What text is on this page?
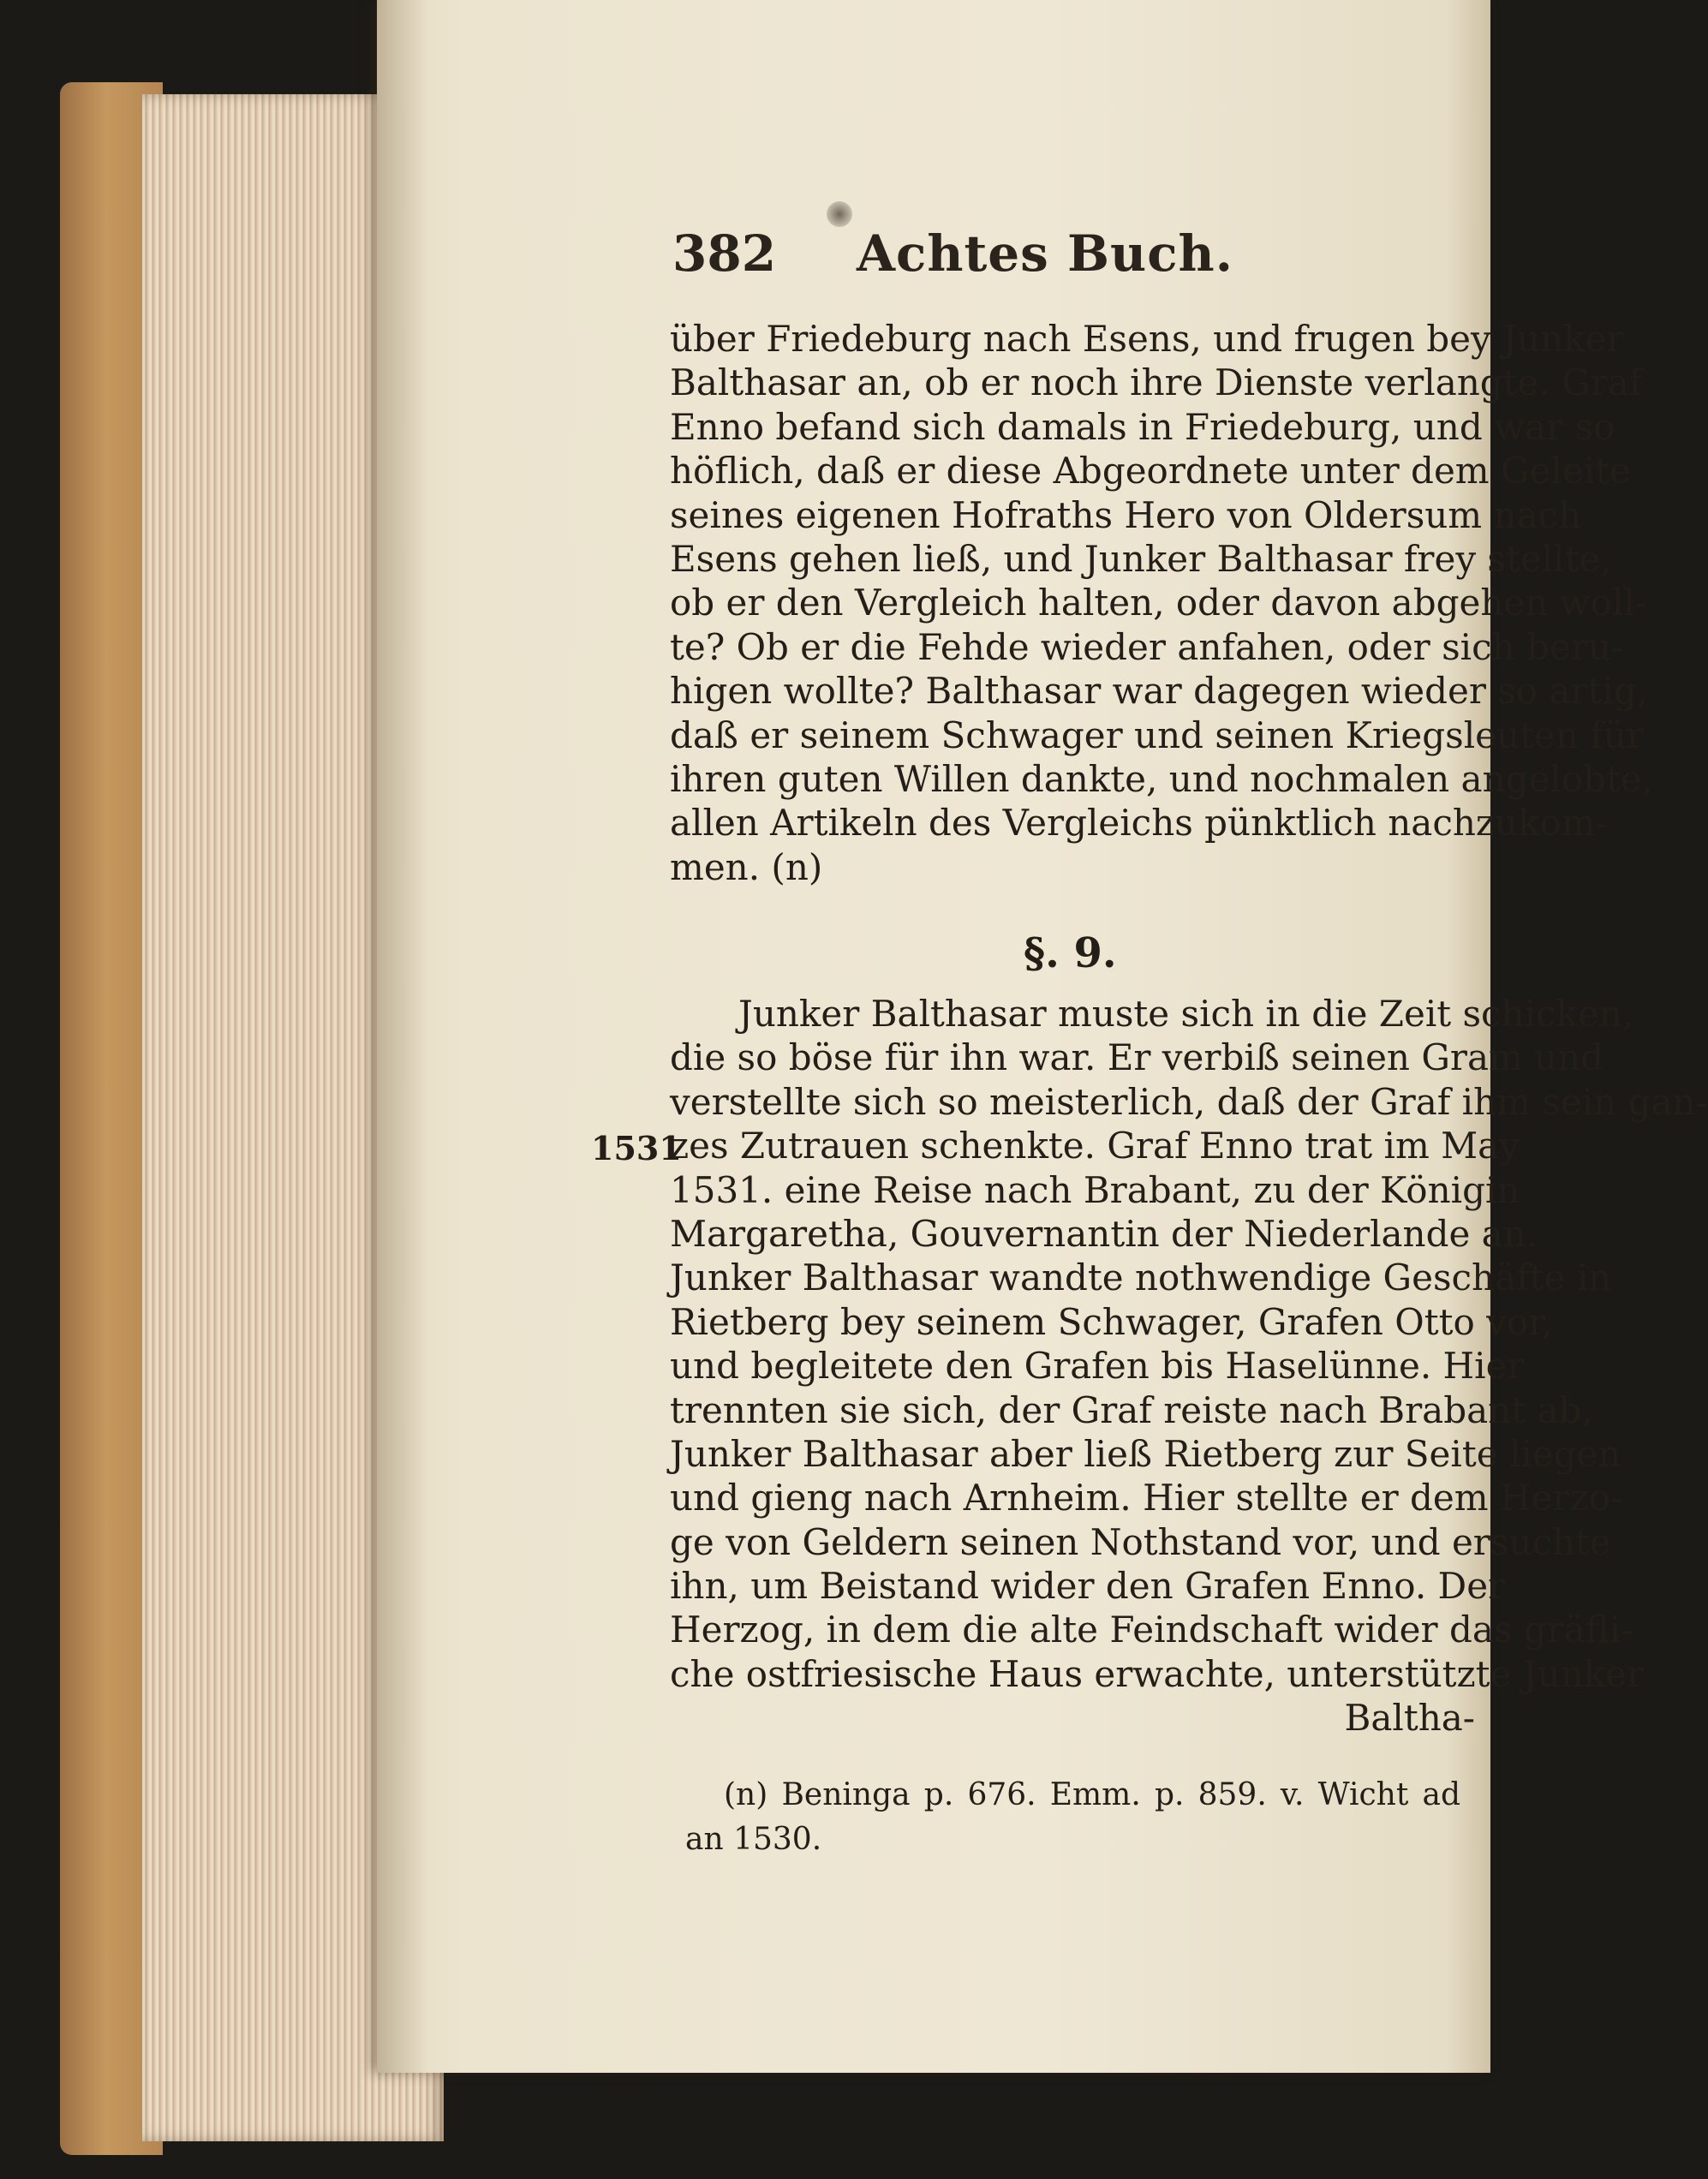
382 Achtes Buch.
über Friedeburg nach Esens, und frugen bey Junker
Balthasar an, ob er noch ihre Dienste verlangte. Graf
Enno befand sich damals in Friedeburg, und war so
höflich, daß er diese Abgeordnete unter dem Geleite
seines eigenen Hofraths Hero von Oldersum nach
Esens gehen ließ, und Junker Balthasar frey stellte,
ob er den Vergleich halten, oder davon abgehen woll-
te? Ob er die Fehde wieder anfahen, oder sich beru-
higen wollte? Balthasar war dagegen wieder so artig,
daß er seinem Schwager und seinen Kriegsleuten für
ihren guten Willen dankte, und nochmalen angelobte,
allen Artikeln des Vergleichs pünktlich nachzukom-
men. (n)
§. 9.
1531
Junker Balthasar muste sich in die Zeit schicken,
die so böse für ihn war. Er verbiß seinen Gram und
verstellte sich so meisterlich, daß der Graf ihm sein gan-
zes Zutrauen schenkte. Graf Enno trat im May
1531. eine Reise nach Brabant, zu der Königin
Margaretha, Gouvernantin der Niederlande an.
Junker Balthasar wandte nothwendige Geschäfte in
Rietberg bey seinem Schwager, Grafen Otto vor,
und begleitete den Grafen bis Haselünne. Hier
trennten sie sich, der Graf reiste nach Brabant ab,
Junker Balthasar aber ließ Rietberg zur Seite liegen
und gieng nach Arnheim. Hier stellte er dem Herzo-
ge von Geldern seinen Nothstand vor, und ersuchte
ihn, um Beistand wider den Grafen Enno. Der
Herzog, in dem die alte Feindschaft wider das gräfli-
che ostfriesische Haus erwachte, unterstützte Junker
Baltha-
(n) Beninga p. 676. Emm. p. 859. v. Wicht ad
an 1530.
